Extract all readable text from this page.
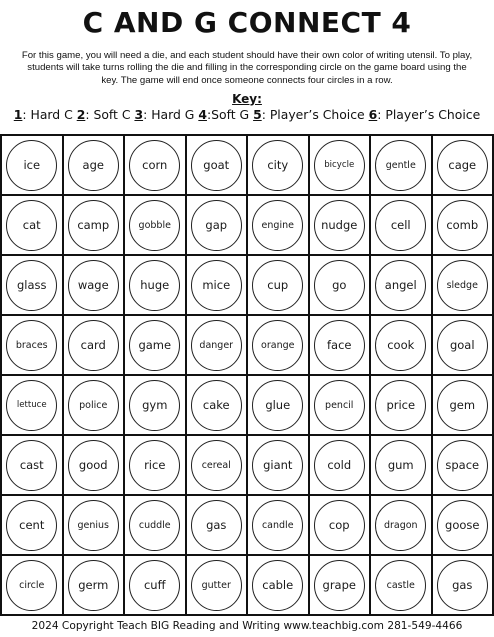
C AND G CONNECT 4
For this game, you will need a die, and each student should have their own color of writing utensil. To play, students will take turns rolling the die and filling in the corresponding circle on the game board using the key. The game will end once someone connects four circles in a row.
Key:
1: Hard C 2: Soft C 3: Hard G 4:Soft G 5: Player’s Choice 6: Player’s Choice
ice	age	corn	goat	city	bicycle	gentle	cage
cat	camp	gobble	gap	engine	nudge	cell	comb
glass	wage	huge	mice	cup	go	angel	sledge
braces	card	game	danger	orange	face	cook	goal
lettuce	police	gym	cake	glue	pencil	price	gem
cast	good	rice	cereal	giant	cold	gum	space
cent	genius	cuddle	gas	candle	cop	dragon	goose
circle	germ	cuff	gutter	cable	grape	castle	gas
2024 Copyright Teach BIG Reading and Writing www.teachbig.com 281-549-4466
